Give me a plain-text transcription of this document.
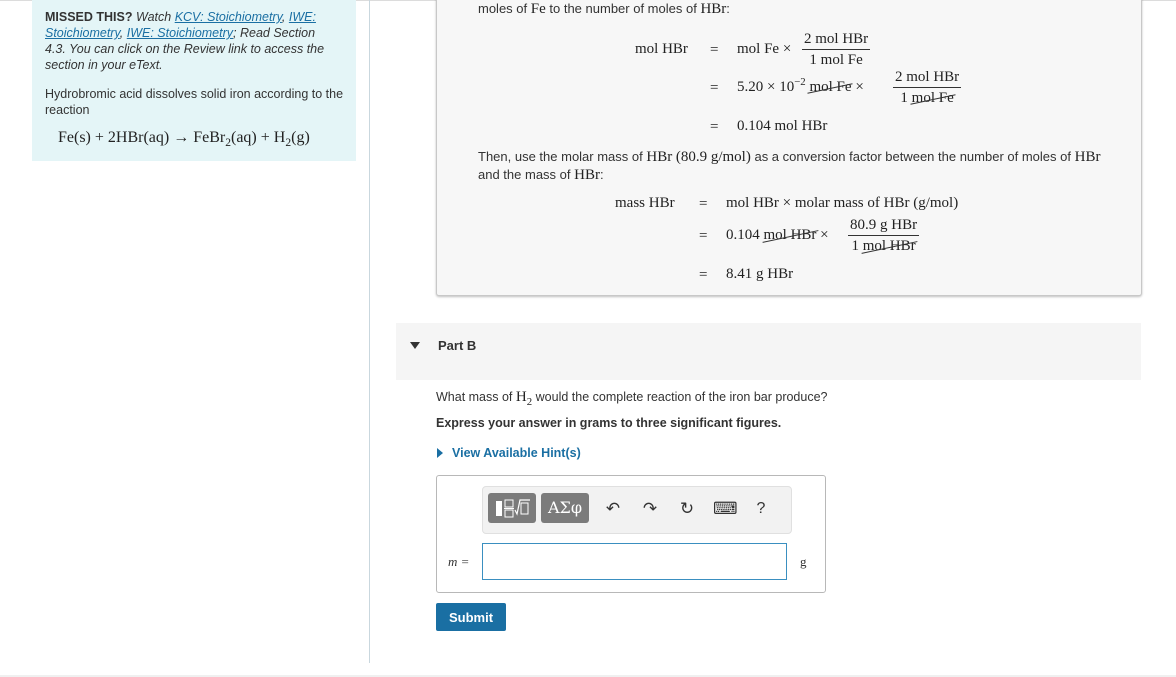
MISSED THIS? Watch KCV: Stoichiometry, IWE: Stoichiometry, IWE: Stoichiometry; Read Section 4.3. You can click on the Review link to access the section in your eText.
Hydrobromic acid dissolves solid iron according to the reaction
Fe(s) + 2HBr(aq) → FeBr$_2$(aq) + $H_2(g)$
moles of Fe to the number of moles of HBr:
mol HBr = mol Fe ×
2 mol HBr
1 mol Fe
= $5.20 \times 10^{-2}$ mol Fe ×
2 mol HBr
1 mol Fe
= 0.104 mol HBr
Then, use the molar mass of HBr (80.9 g/mol) as a conversion factor between the number of moles of HBr
and the mass of HBr:
mass HBr = mol HBr × molar mass of HBr (g/mol)
= 0.104 mol HBr ×
80.9 g HBr
1 mol HBr
= 8.41 g HBr
Part B
What mass of $H_2$ would the complete reaction of the iron bar produce?
Express your answer in grams to three significant figures.
View Available Hint(s)
ΑΣφ	↶ ↷ ↻ ⌨	?
m =	g
Submit
